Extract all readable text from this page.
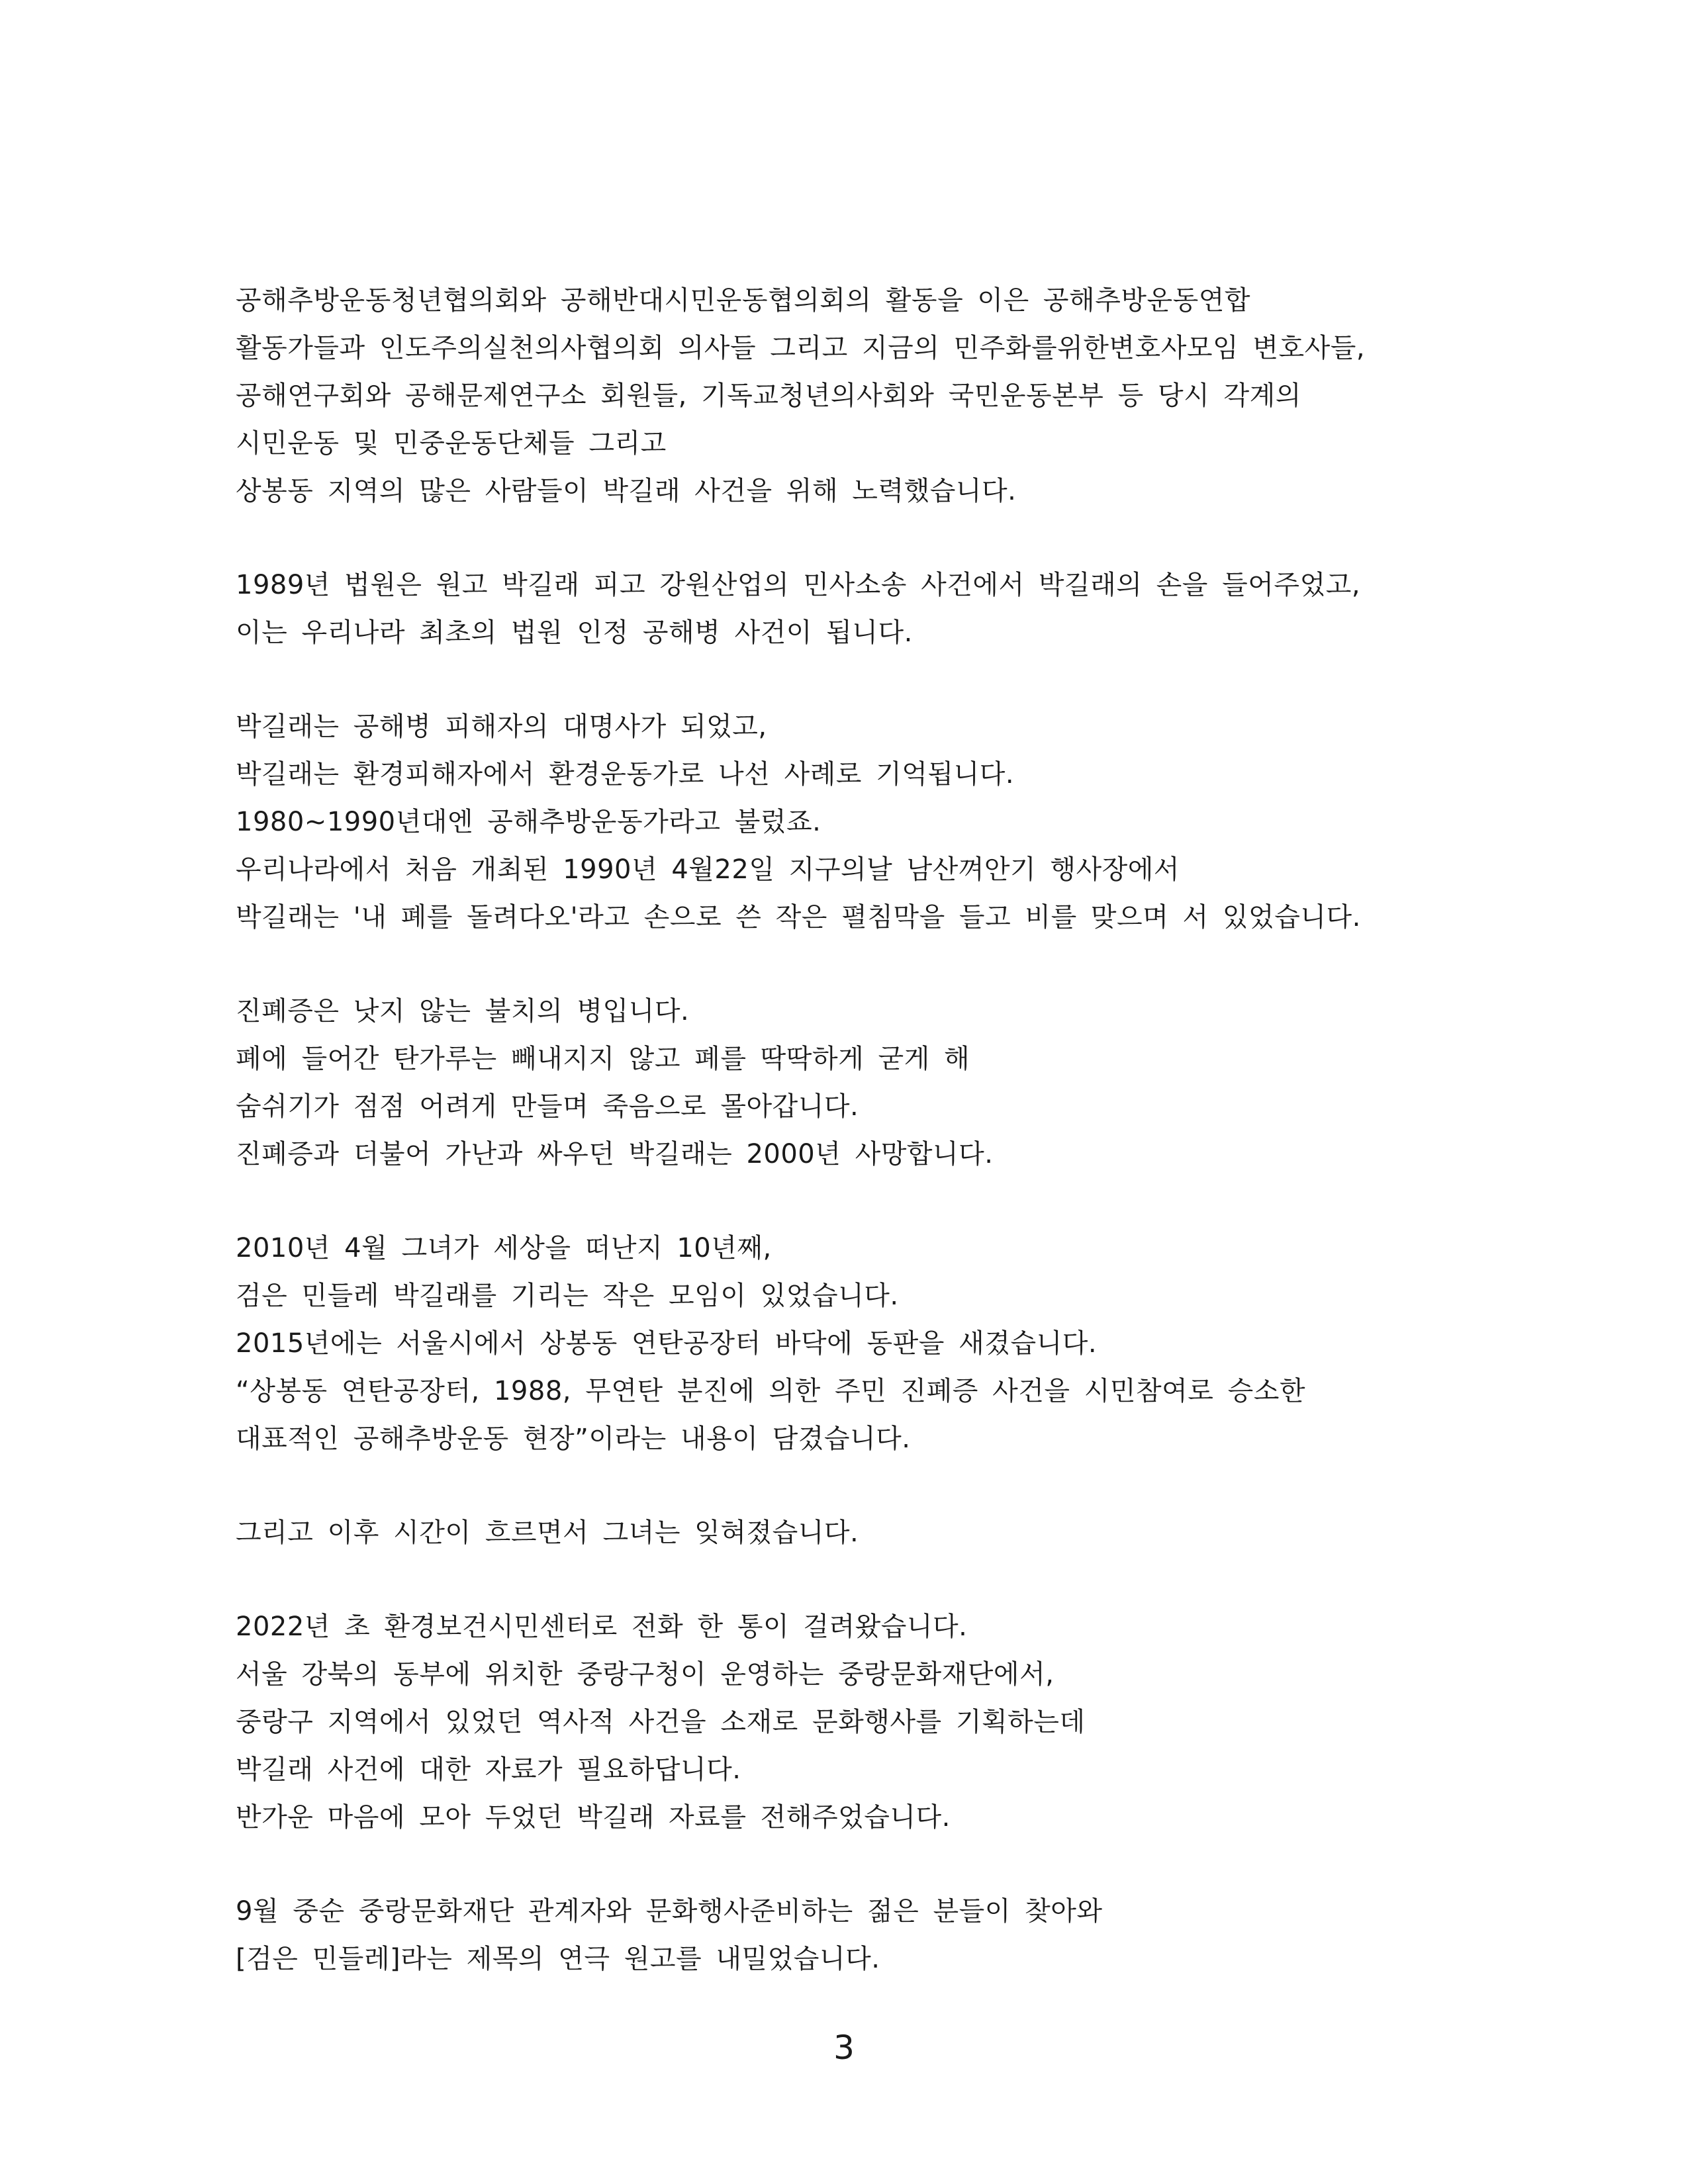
공해추방운동청년협의회와 공해반대시민운동협의회의 활동을 이은 공해추방운동연합
활동가들과 인도주의실천의사협의회 의사들 그리고 지금의 민주화를위한변호사모임 변호사들,
공해연구회와 공해문제연구소 회원들, 기독교청년의사회와 국민운동본부 등 당시 각계의
시민운동 및 민중운동단체들 그리고
상봉동 지역의 많은 사람들이 박길래 사건을 위해 노력했습니다.

1989년 법원은 원고 박길래 피고 강원산업의 민사소송 사건에서 박길래의 손을 들어주었고,
이는 우리나라 최초의 법원 인정 공해병 사건이 됩니다.

박길래는 공해병 피해자의 대명사가 되었고,
박길래는 환경피해자에서 환경운동가로 나선 사례로 기억됩니다.
1980~1990년대엔 공해추방운동가라고 불렀죠.
우리나라에서 처음 개최된 1990년 4월22일 지구의날 남산껴안기 행사장에서
박길래는 '내 폐를 돌려다오'라고 손으로 쓴 작은 펼침막을 들고 비를 맞으며 서 있었습니다.

진폐증은 낫지 않는 불치의 병입니다.
폐에 들어간 탄가루는 빼내지지 않고 폐를 딱딱하게 굳게 해
숨쉬기가 점점 어려게 만들며 죽음으로 몰아갑니다.
진폐증과 더불어 가난과 싸우던 박길래는 2000년 사망합니다.

2010년 4월 그녀가 세상을 떠난지 10년째,
검은 민들레 박길래를 기리는 작은 모임이 있었습니다.
2015년에는 서울시에서 상봉동 연탄공장터 바닥에 동판을 새겼습니다.
“상봉동 연탄공장터, 1988, 무연탄 분진에 의한 주민 진폐증 사건을 시민참여로 승소한
대표적인 공해추방운동 현장”이라는 내용이 담겼습니다.

그리고 이후 시간이 흐르면서 그녀는 잊혀졌습니다.

2022년 초 환경보건시민센터로 전화 한 통이 걸려왔습니다.
서울 강북의 동부에 위치한 중랑구청이 운영하는 중랑문화재단에서,
중랑구 지역에서 있었던 역사적 사건을 소재로 문화행사를 기획하는데
박길래 사건에 대한 자료가 필요하답니다.
반가운 마음에 모아 두었던 박길래 자료를 전해주었습니다.

9월 중순 중랑문화재단 관계자와 문화행사준비하는 젊은 분들이 찾아와
[검은 민들레]라는 제목의 연극 원고를 내밀었습니다.

3
